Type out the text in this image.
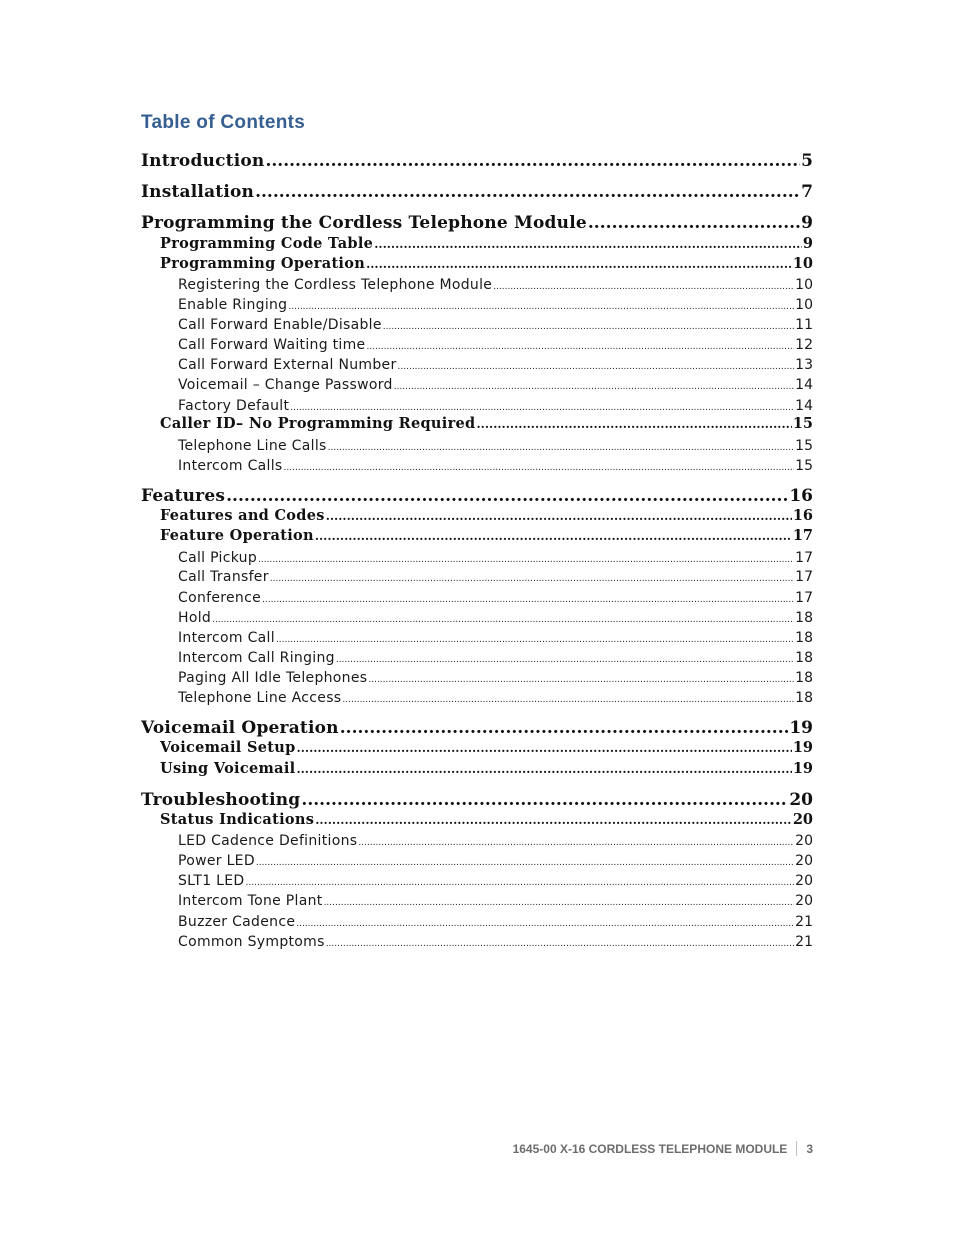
Table of Contents
Introduction .....	5
Installation .....	7
Programming the Cordless Telephone Module .....	9
Programming Code Table .....	9
Programming Operation .....	10
Registering the Cordless Telephone Module .....	10
Enable Ringing .....	10
Call Forward Enable/Disable .....	11
Call Forward Waiting time .....	12
Call Forward External Number .....	13
Voicemail – Change Password .....	14
Factory Default .....	14
Caller ID– No Programming Required .....	15
Telephone Line Calls .....	15
Intercom Calls .....	15
Features .....	16
Features and Codes .....	16
Feature Operation .....	17
Call Pickup .....	17
Call Transfer .....	17
Conference .....	17
Hold .....	18
Intercom Call .....	18
Intercom Call Ringing .....	18
Paging All Idle Telephones .....	18
Telephone Line Access .....	18
Voicemail Operation .....	19
Voicemail Setup .....	19
Using Voicemail .....	19
Troubleshooting .....	20
Status Indications .....	20
LED Cadence Definitions .....	20
Power LED .....	20
SLT1 LED .....	20
Intercom Tone Plant .....	20
Buzzer Cadence .....	21
Common Symptoms .....	21
1645-00 X-16 CORDLESS TELEPHONE MODULE 3
